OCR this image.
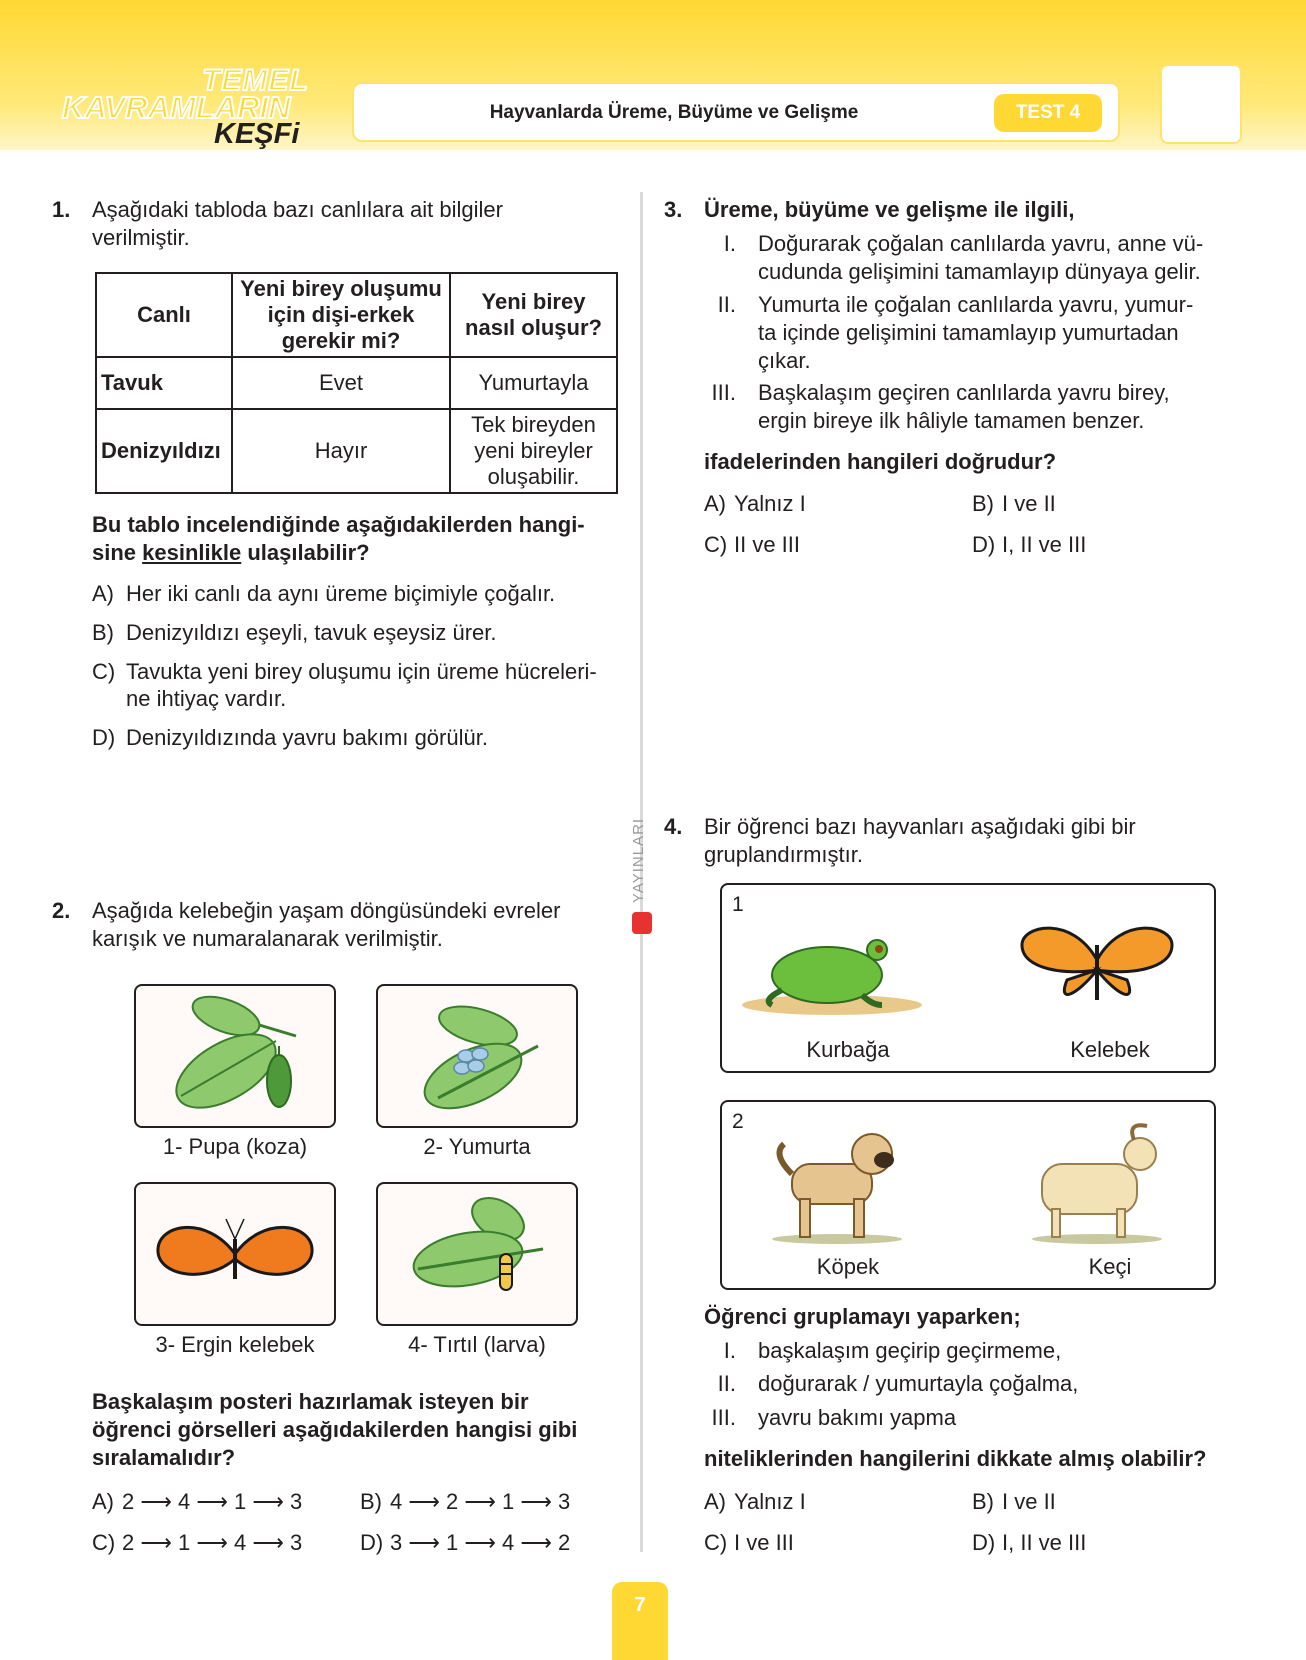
TEMEL
KAVRAMLARIN
KEŞFi
Hayvanlarda Üreme, Büyüme ve Gelişme	TEST 4
YAYINLARI
1. Aşağıdaki tabloda bazı canlılara ait bilgiler
verilmiştir.
Canlı	Yeni birey oluşumu
için dişi-erkek
gerekir mi?	Yeni birey
nasıl oluşur?
Tavuk	Evet	Yumurtayla
Denizyıldızı	Hayır	Tek bireyden
yeni bireyler
oluşabilir.
Bu tablo incelendiğinde aşağıdakilerden hangi-
sine kesinlikle ulaşılabilir?
A) Her iki canlı da aynı üreme biçimiyle çoğalır.
B) Denizyıldızı eşeyli, tavuk eşeysiz ürer.
C) Tavukta yeni birey oluşumu için üreme hücreleri-
ne ihtiyaç vardır.
D) Denizyıldızında yavru bakımı görülür.
2. Aşağıda kelebeğin yaşam döngüsündeki evreler
karışık ve numaralanarak verilmiştir.
1- Pupa (koza)	2- Yumurta
3- Ergin kelebek	4- Tırtıl (larva)
Başkalaşım posteri hazırlamak isteyen bir
öğrenci görselleri aşağıdakilerden hangisi gibi
sıralamalıdır?
A) 2 ⟶ 4 ⟶ 1 ⟶ 3	B) 4 ⟶ 2 ⟶ 1 ⟶ 3
C) 2 ⟶ 1 ⟶ 4 ⟶ 3	D) 3 ⟶ 1 ⟶ 4 ⟶ 2
3. Üreme, büyüme ve gelişme ile ilgili,
I. Doğurarak çoğalan canlılarda yavru, anne vü-
cudunda gelişimini tamamlayıp dünyaya gelir.
II. Yumurta ile çoğalan canlılarda yavru, yumur-
ta içinde gelişimini tamamlayıp yumurtadan
çıkar.
III. Başkalaşım geçiren canlılarda yavru birey,
ergin bireye ilk hâliyle tamamen benzer.
ifadelerinden hangileri doğrudur?
A) Yalnız I	B) I ve II
C) II ve III	D) I, II ve III
4. Bir öğrenci bazı hayvanları aşağıdaki gibi bir
gruplandırmıştır.
1
Kurbağa	Kelebek
2
Köpek	Keçi
Öğrenci gruplamayı yaparken;
I. başkalaşım geçirip geçirmeme,
II. doğurarak / yumurtayla çoğalma,
III. yavru bakımı yapma
niteliklerinden hangilerini dikkate almış olabilir?
A) Yalnız I	B) I ve II
C) I ve III	D) I, II ve III
7
